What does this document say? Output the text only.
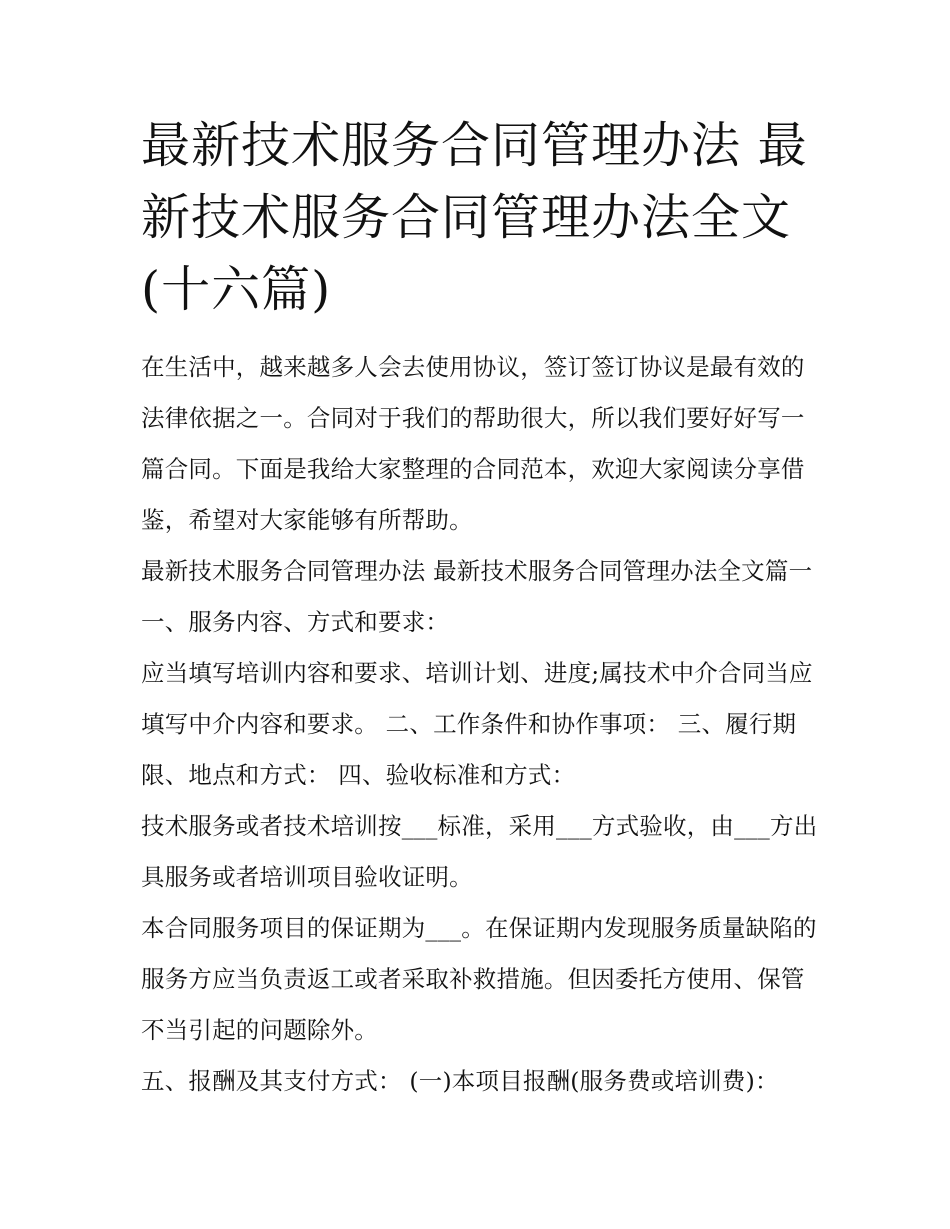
最新技术服务合同管理办法 最新技术服务合同管理办法全文(十六篇)

在生活中，越来越多人会去使用协议，签订签订协议是最有效的法律依据之一。合同对于我们的帮助很大，所以我们要好好写一篇合同。下面是我给大家整理的合同范本，欢迎大家阅读分享借鉴，希望对大家能够有所帮助。

最新技术服务合同管理办法 最新技术服务合同管理办法全文篇一 一、服务内容、方式和要求：

应当填写培训内容和要求、培训计划、进度;属技术中介合同当应填写中介内容和要求。 二、工作条件和协作事项： 三、履行期限、地点和方式： 四、验收标准和方式：

技术服务或者技术培训按___标准，采用___方式验收，由___方出具服务或者培训项目验收证明。

本合同服务项目的保证期为___。在保证期内发现服务质量缺陷的 服务方应当负责返工或者采取补救措施。但因委托方使用、保管不当引起的问题除外。

五、报酬及其支付方式： (一)本项目报酬(服务费或培训费)：
